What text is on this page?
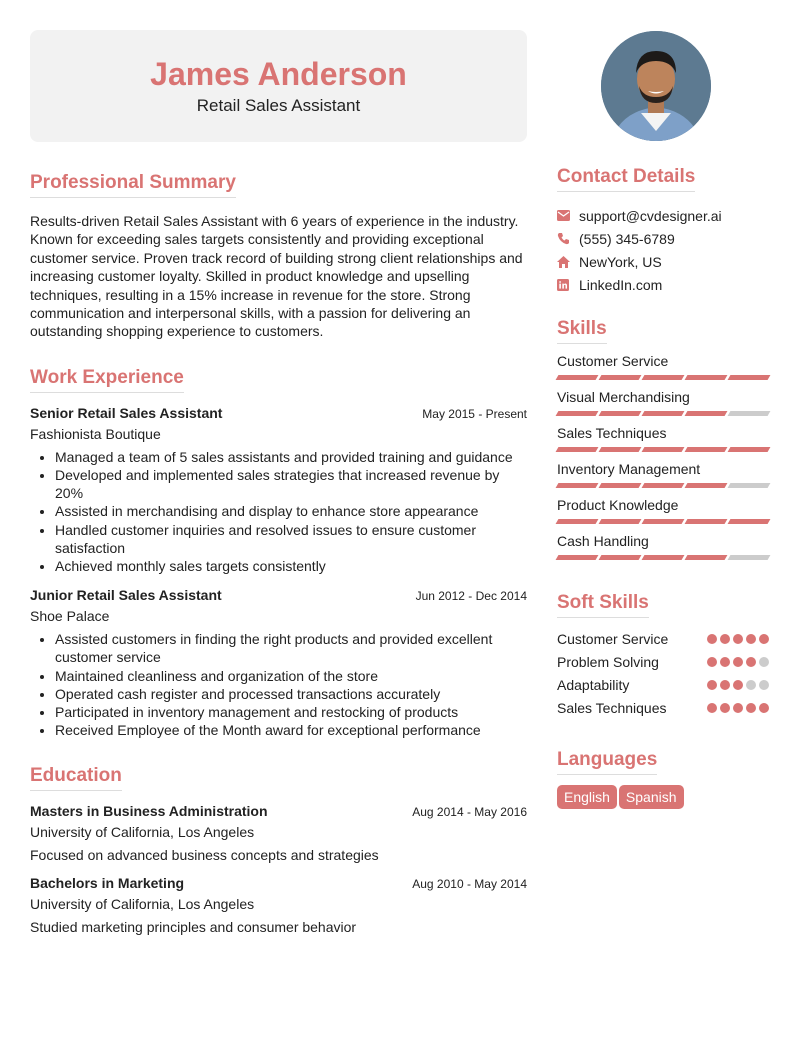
James Anderson
Retail Sales Assistant
Professional Summary

Results-driven Retail Sales Assistant with 6 years of experience in the industry. Known for exceeding sales targets consistently and providing exceptional customer service. Proven track record of building strong client relationships and increasing customer loyalty. Skilled in product knowledge and upselling techniques, resulting in a 15% increase in revenue for the store. Strong communication and interpersonal skills, with a passion for delivering an outstanding shopping experience to customers.

Work Experience
Senior Retail Sales Assistant	May 2015 - Present
Fashionista Boutique
• Managed a team of 5 sales assistants and provided training and guidance
• Developed and implemented sales strategies that increased revenue by 20%
• Assisted in merchandising and display to enhance store appearance
• Handled customer inquiries and resolved issues to ensure customer satisfaction
• Achieved monthly sales targets consistently
Junior Retail Sales Assistant	Jun 2012 - Dec 2014
Shoe Palace
• Assisted customers in finding the right products and provided excellent customer service
• Maintained cleanliness and organization of the store
• Operated cash register and processed transactions accurately
• Participated in inventory management and restocking of products
• Received Employee of the Month award for exceptional performance
Education
Masters in Business Administration	Aug 2014 - May 2016
University of California, Los Angeles
Focused on advanced business concepts and strategies
Bachelors in Marketing	Aug 2010 - May 2014
University of California, Los Angeles
Studied marketing principles and consumer behavior
Contact Details
support@cvdesigner.ai
(555) 345-6789
NewYork, US
LinkedIn.com
Skills
Customer Service
Visual Merchandising
Sales Techniques
Inventory Management
Product Knowledge
Cash Handling
Soft Skills
Customer Service
Problem Solving
Adaptability
Sales Techniques
Languages
English Spanish
